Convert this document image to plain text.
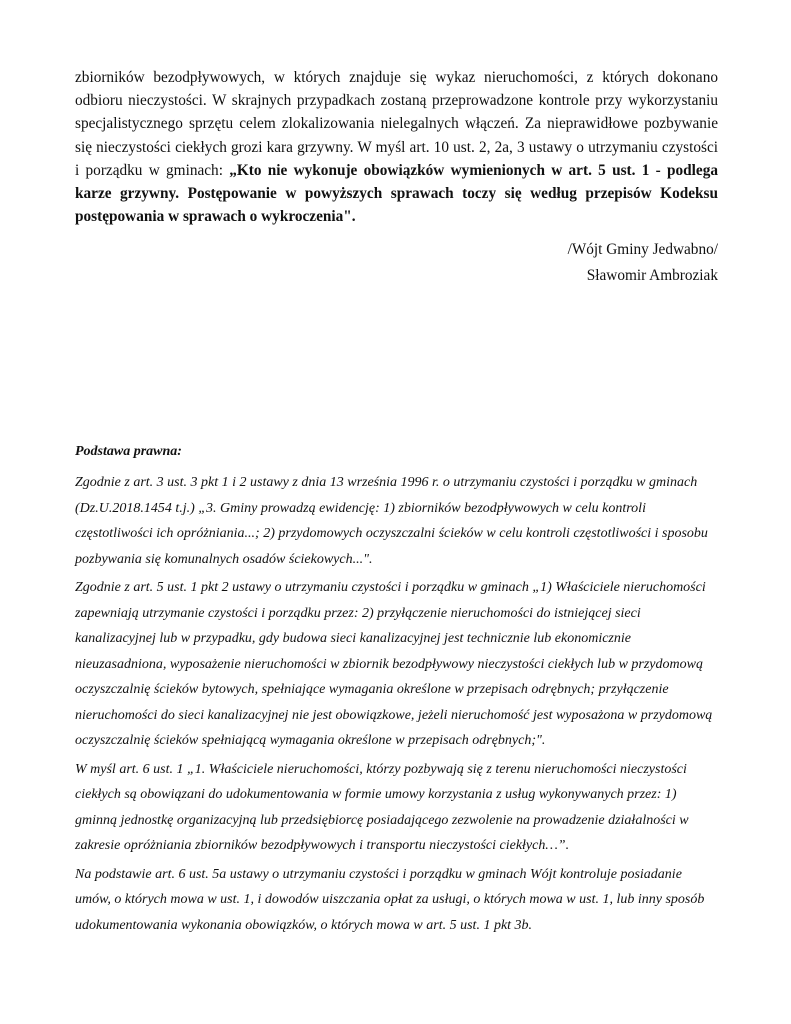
zbiorników bezodpływowych, w których znajduje się wykaz nieruchomości, z których dokonano odbioru nieczystości. W skrajnych przypadkach zostaną przeprowadzone kontrole przy wykorzystaniu specjalistycznego sprzętu celem zlokalizowania nielegalnych włączeń. Za nieprawidłowe pozbywanie się nieczystości ciekłych grozi kara grzywny. W myśl art. 10 ust. 2, 2a, 3 ustawy o utrzymaniu czystości i porządku w gminach: „Kto nie wykonuje obowiązków wymienionych w art. 5 ust. 1 - podlega karze grzywny. Postępowanie w powyższych sprawach toczy się według przepisów Kodeksu postępowania w sprawach o wykroczenia".

/Wójt Gminy Jedwabno/

Sławomir Ambroziak

Podstawa prawna:

Zgodnie z art. 3 ust. 3 pkt 1 i 2 ustawy z dnia 13 września 1996 r. o utrzymaniu czystości i porządku w gminach (Dz.U.2018.1454 t.j.) „3. Gminy prowadzą ewidencję: 1) zbiorników bezodpływowych w celu kontroli częstotliwości ich opróżniania...; 2) przydomowych oczyszczalni ścieków w celu kontroli częstotliwości i sposobu pozbywania się komunalnych osadów ściekowych...".

Zgodnie z art. 5 ust. 1 pkt 2 ustawy o utrzymaniu czystości i porządku w gminach „1) Właściciele nieruchomości zapewniają utrzymanie czystości i porządku przez: 2) przyłączenie nieruchomości do istniejącej sieci kanalizacyjnej lub w przypadku, gdy budowa sieci kanalizacyjnej jest technicznie lub ekonomicznie nieuzasadniona, wyposażenie nieruchomości w zbiornik bezodpływowy nieczystości ciekłych lub w przydomową oczyszczalnię ścieków bytowych, spełniające wymagania określone w przepisach odrębnych; przyłączenie nieruchomości do sieci kanalizacyjnej nie jest obowiązkowe, jeżeli nieruchomość jest wyposażona w przydomową oczyszczalnię ścieków spełniającą wymagania określone w przepisach odrębnych;".

W myśl art. 6 ust. 1 „1. Właściciele nieruchomości, którzy pozbywają się z terenu nieruchomości nieczystości ciekłych są obowiązani do udokumentowania w formie umowy korzystania z usług wykonywanych przez: 1) gminną jednostkę organizacyjną lub przedsiębiorcę posiadającego zezwolenie na prowadzenie działalności w zakresie opróżniania zbiorników bezodpływowych i transportu nieczystości ciekłych…”.

Na podstawie art. 6 ust. 5a ustawy o utrzymaniu czystości i porządku w gminach Wójt kontroluje posiadanie umów, o których mowa w ust. 1, i dowodów uiszczania opłat za usługi, o których mowa w ust. 1, lub inny sposób udokumentowania wykonania obowiązków, o których mowa w art. 5 ust. 1 pkt 3b.
